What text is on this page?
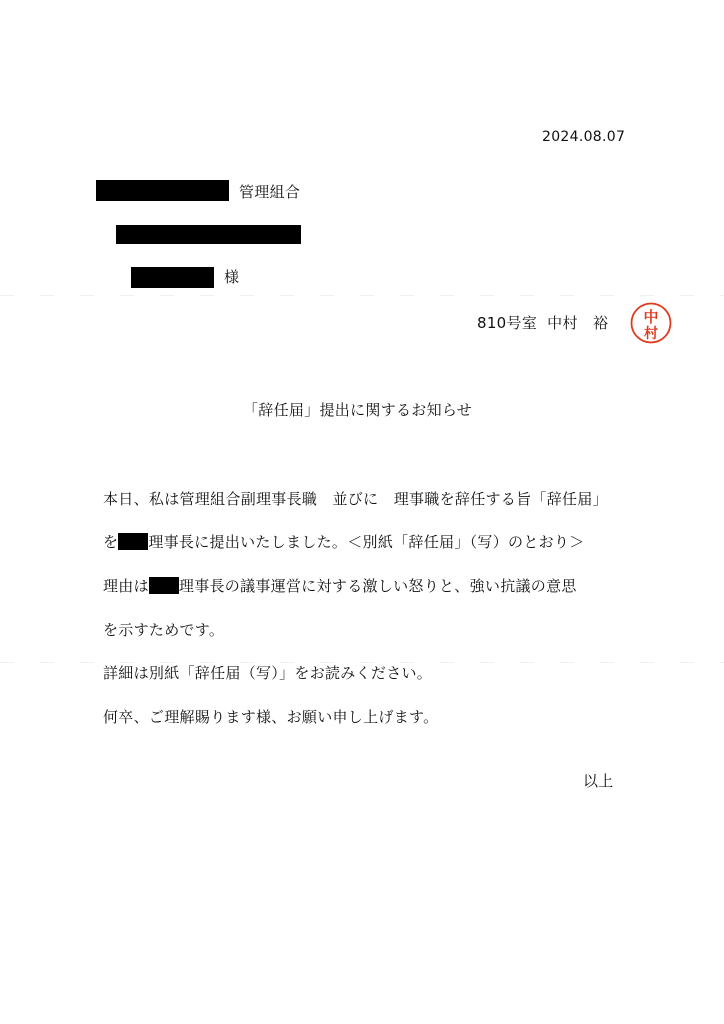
2024.08.07
管理組合
様
810号室 中村　裕	中
村
「辞任届」提出に関するお知らせ
本日、私は管理組合副理事長職　並びに　理事職を辞任する旨「辞任届」
を 理事長に提出いたしました。＜別紙「辞任届」（写）のとおり＞
理由は 理事長の議事運営に対する激しい怒りと、強い抗議の意思
を示すためです。
詳細は別紙「辞任届（写）」をお読みください。
何卒、ご理解賜ります様、お願い申し上げます。
以上
